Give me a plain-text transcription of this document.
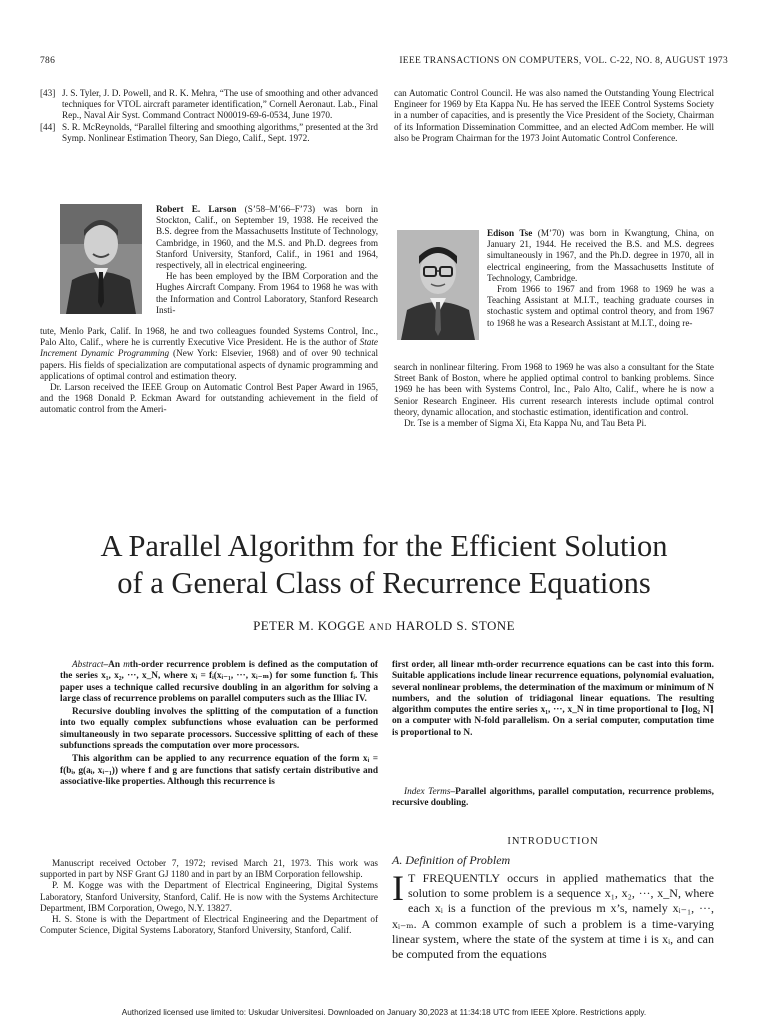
786	IEEE TRANSACTIONS ON COMPUTERS, VOL. C-22, NO. 8, AUGUST 1973
[43] J. S. Tyler, J. D. Powell, and R. K. Mehra, “The use of smoothing and other advanced techniques for VTOL aircraft parameter identification,” Cornell Aeronaut. Lab., Final Rep., Naval Air Syst. Command Contract N00019-69-6-0534, June 1970.
[44] S. R. McReynolds, “Parallel filtering and smoothing algorithms,” presented at the 3rd Symp. Nonlinear Estimation Theory, San Diego, Calif., Sept. 1972.

can Automatic Control Council. He was also named the Outstanding Young Electrical Engineer for 1969 by Eta Kappa Nu. He has served the IEEE Control Systems Society in a number of capacities, and is presently the Vice President of the Society, Chairman of its Information Dissemination Committee, and an elected AdCom member. He will also be Program Chairman for the 1973 Joint Automatic Control Conference.

Robert E. Larson (S’58–M’66–F’73) was born in Stockton, Calif., on September 19, 1938. He received the B.S. degree from the Massachusetts Institute of Technology, Cambridge, in 1960, and the M.S. and Ph.D. degrees from Stanford University, Stanford, Calif., in 1961 and 1964, respectively, all in electrical engineering.

He has been employed by the IBM Corporation and the Hughes Aircraft Company. From 1964 to 1968 he was with the Information and Control Laboratory, Stanford Research Insti-

tute, Menlo Park, Calif. In 1968, he and two colleagues founded Systems Control, Inc., Palo Alto, Calif., where he is currently Executive Vice President. He is the author of State Increment Dynamic Programming (New York: Elsevier, 1968) and of over 90 technical papers. His fields of specialization are computational aspects of dynamic programming and applications of optimal control and estimation theory.

Dr. Larson received the IEEE Group on Automatic Control Best Paper Award in 1965, and the 1968 Donald P. Eckman Award for outstanding achievement in the field of automatic control from the Ameri-

Edison Tse (M’70) was born in Kwangtung, China, on January 21, 1944. He received the B.S. and M.S. degrees simultaneously in 1967, and the Ph.D. degree in 1970, all in electrical engineering, from the Massachusetts Institute of Technology, Cambridge.

From 1966 to 1967 and from 1968 to 1969 he was a Teaching Assistant at M.I.T., teaching graduate courses in stochastic system and optimal control theory, and from 1967 to 1968 he was a Research Assistant at M.I.T., doing re-

search in nonlinear filtering. From 1968 to 1969 he was also a consultant for the State Street Bank of Boston, where he applied optimal control to banking problems. Since 1969 he has been with Systems Control, Inc., Palo Alto, Calif., where he is now a Senior Research Engineer. His current research interests include optimal control theory, dynamic allocation, and stochastic estimation, identification and control.

Dr. Tse is a member of Sigma Xi, Eta Kappa Nu, and Tau Beta Pi.

A Parallel Algorithm for the Efficient Solution
of a General Class of Recurrence Equations
PETER M. KOGGE AND HAROLD S. STONE

Abstract–An mth-order recurrence problem is defined as the computation of the series x₁, x₂, ···, x_N, where xᵢ = fᵢ(xᵢ₋₁, ···, xᵢ₋ₘ) for some function fᵢ. This paper uses a technique called recursive doubling in an algorithm for solving a large class of recurrence problems on parallel computers such as the Illiac IV.

Recursive doubling involves the splitting of the computation of a function into two equally complex subfunctions whose evaluation can be performed simultaneously in two separate processors. Successive splitting of each of these subfunctions spreads the computation over more processors.

This algorithm can be applied to any recurrence equation of the form xᵢ = f(bᵢ, g(aᵢ, xᵢ₋₁)) where f and g are functions that satisfy certain distributive and associative-like properties. Although this recurrence is

first order, all linear mth-order recurrence equations can be cast into this form. Suitable applications include linear recurrence equations, polynomial evaluation, several nonlinear problems, the determination of the maximum or minimum of N numbers, and the solution of tridiagonal linear equations. The resulting algorithm computes the entire series x₁, ···, x_N in time proportional to ⌈log₂ N⌉ on a computer with N-fold parallelism. On a serial computer, computation time is proportional to N.

Index Terms–Parallel algorithms, parallel computation, recurrence problems, recursive doubling.

Manuscript received October 7, 1972; revised March 21, 1973. This work was supported in part by NSF Grant GJ 1180 and in part by an IBM Corporation fellowship.

P. M. Kogge was with the Department of Electrical Engineering, Digital Systems Laboratory, Stanford University, Stanford, Calif. He is now with the Systems Architecture Department, IBM Corporation, Owego, N.Y. 13827.

H. S. Stone is with the Department of Electrical Engineering and the Department of Computer Science, Digital Systems Laboratory, Stanford University, Stanford, Calif.

INTRODUCTION
A. Definition of Problem
I T FREQUENTLY occurs in applied mathematics that the solution to some problem is a sequence x₁, x₂, ···, x_N, where each xᵢ is a function of the previous m x’s, namely xᵢ₋₁, ···, xᵢ₋ₘ. A common example of such a problem is a time-varying linear system, where the state of the system at time i is xᵢ, and can be computed from the equations
Authorized licensed use limited to: Uskudar Universitesi. Downloaded on January 30,2023 at 11:34:18 UTC from IEEE Xplore. Restrictions apply.
